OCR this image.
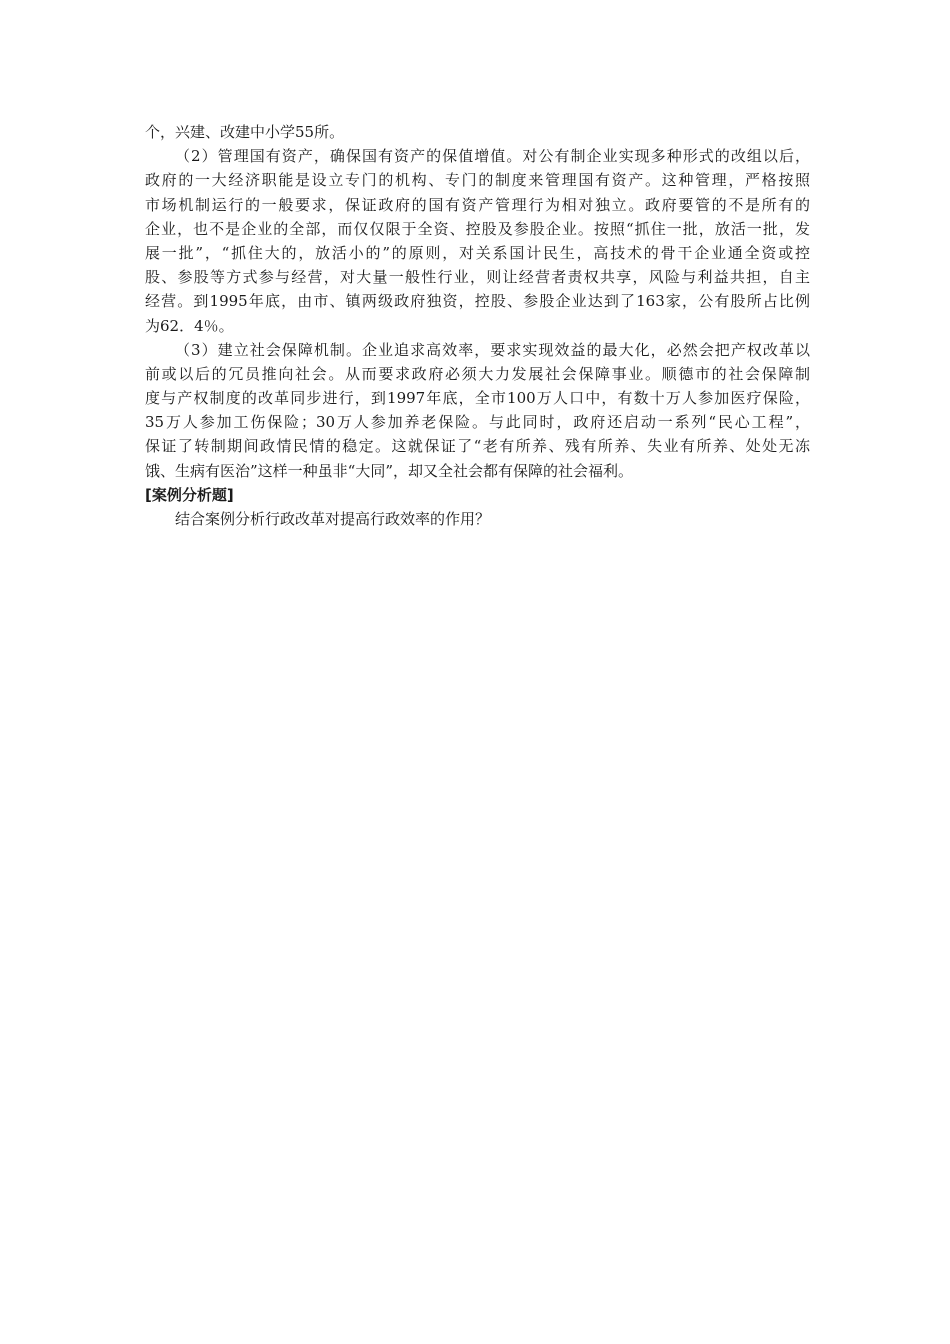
个，兴建、改建中小学55所。
（2）管理国有资产，确保国有资产的保值增值。对公有制企业实现多种形式的改组以后，
政府的一大经济职能是设立专门的机构、专门的制度来管理国有资产。这种管理，严格按照
市场机制运行的一般要求，保证政府的国有资产管理行为相对独立。政府要管的不是所有的
企业，也不是企业的全部，而仅仅限于全资、控股及参股企业。按照“抓住一批，放活一批，发
展一批”，“抓住大的，放活小的”的原则，对关系国计民生，高技术的骨干企业通全资或控
股、参股等方式参与经营，对大量一般性行业，则让经营者责权共享，风险与利益共担，自主
经营。到1995年底，由市、镇两级政府独资，控股、参股企业达到了163家，公有股所占比例
为62．4％。
（3）建立社会保障机制。企业追求高效率，要求实现效益的最大化，必然会把产权改革以
前或以后的冗员推向社会。从而要求政府必须大力发展社会保障事业。顺德市的社会保障制
度与产权制度的改革同步进行，到1997年底，全市100万人口中，有数十万人参加医疗保险，
35万人参加工伤保险；30万人参加养老保险。与此同时，政府还启动一系列“民心工程”，
保证了转制期间政情民情的稳定。这就保证了“老有所养、残有所养、失业有所养、处处无冻
饿、生病有医治”这样一种虽非“大同”，却又全社会都有保障的社会福利。
[案例分析题]
结合案例分析行政改革对提高行政效率的作用？
